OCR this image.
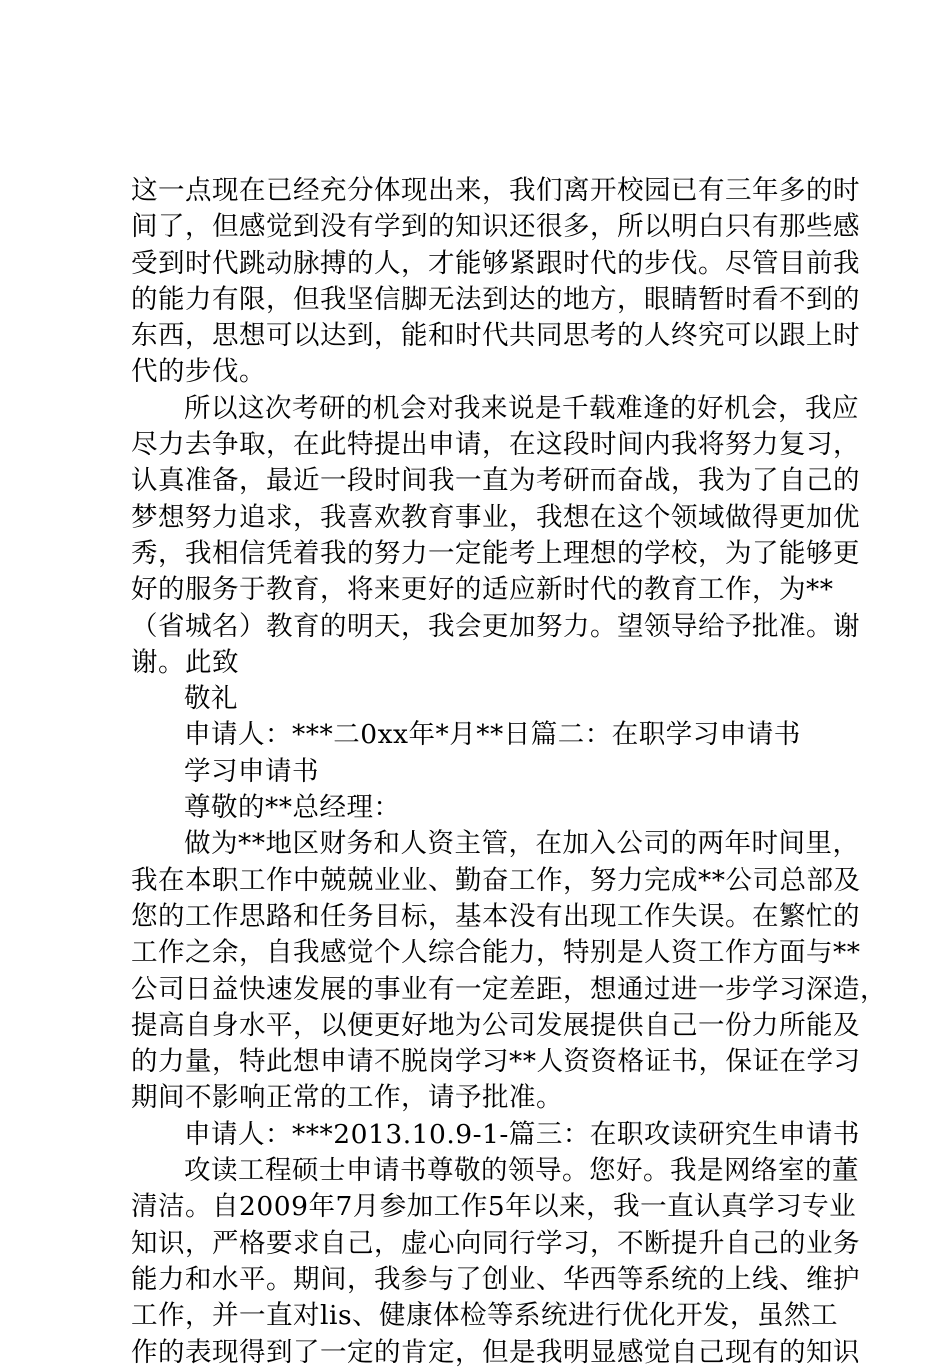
这一点现在已经充分体现出来，我们离开校园已有三年多的时
间了，但感觉到没有学到的知识还很多，所以明白只有那些感
受到时代跳动脉搏的人，才能够紧跟时代的步伐。尽管目前我
的能力有限，但我坚信脚无法到达的地方，眼睛暂时看不到的
东西，思想可以达到，能和时代共同思考的人终究可以跟上时
代的步伐。
所以这次考研的机会对我来说是千载难逢的好机会，我应
尽力去争取，在此特提出申请，在这段时间内我将努力复习，
认真准备，最近一段时间我一直为考研而奋战，我为了自己的
梦想努力追求，我喜欢教育事业，我想在这个领域做得更加优
秀，我相信凭着我的努力一定能考上理想的学校，为了能够更
好的服务于教育，将来更好的适应新时代的教育工作，为**
（省城名）教育的明天，我会更加努力。望领导给予批准。谢
谢。此致
敬礼
申请人：***二0xx年*月**日篇二：在职学习申请书
学习申请书
尊敬的**总经理：
做为**地区财务和人资主管，在加入公司的两年时间里，
我在本职工作中兢兢业业、勤奋工作，努力完成**公司总部及
您的工作思路和任务目标，基本没有出现工作失误。在繁忙的
工作之余，自我感觉个人综合能力，特别是人资工作方面与**
公司日益快速发展的事业有一定差距，想通过进一步学习深造，
提高自身水平，以便更好地为公司发展提供自己一份力所能及
的力量，特此想申请不脱岗学习**人资资格证书，保证在学习
期间不影响正常的工作，请予批准。
申请人：***2013.10.9-1-篇三：在职攻读研究生申请书
攻读工程硕士申请书尊敬的领导。您好。我是网络室的董
清洁。自2009年7月参加工作5年以来，我一直认真学习专业
知识，严格要求自己，虚心向同行学习，不断提升自己的业务
能力和水平。期间，我参与了创业、华西等系统的上线、维护
工作，并一直对lis、健康体检等系统进行优化开发，虽然工
作的表现得到了一定的肯定，但是我明显感觉自己现有的知识
